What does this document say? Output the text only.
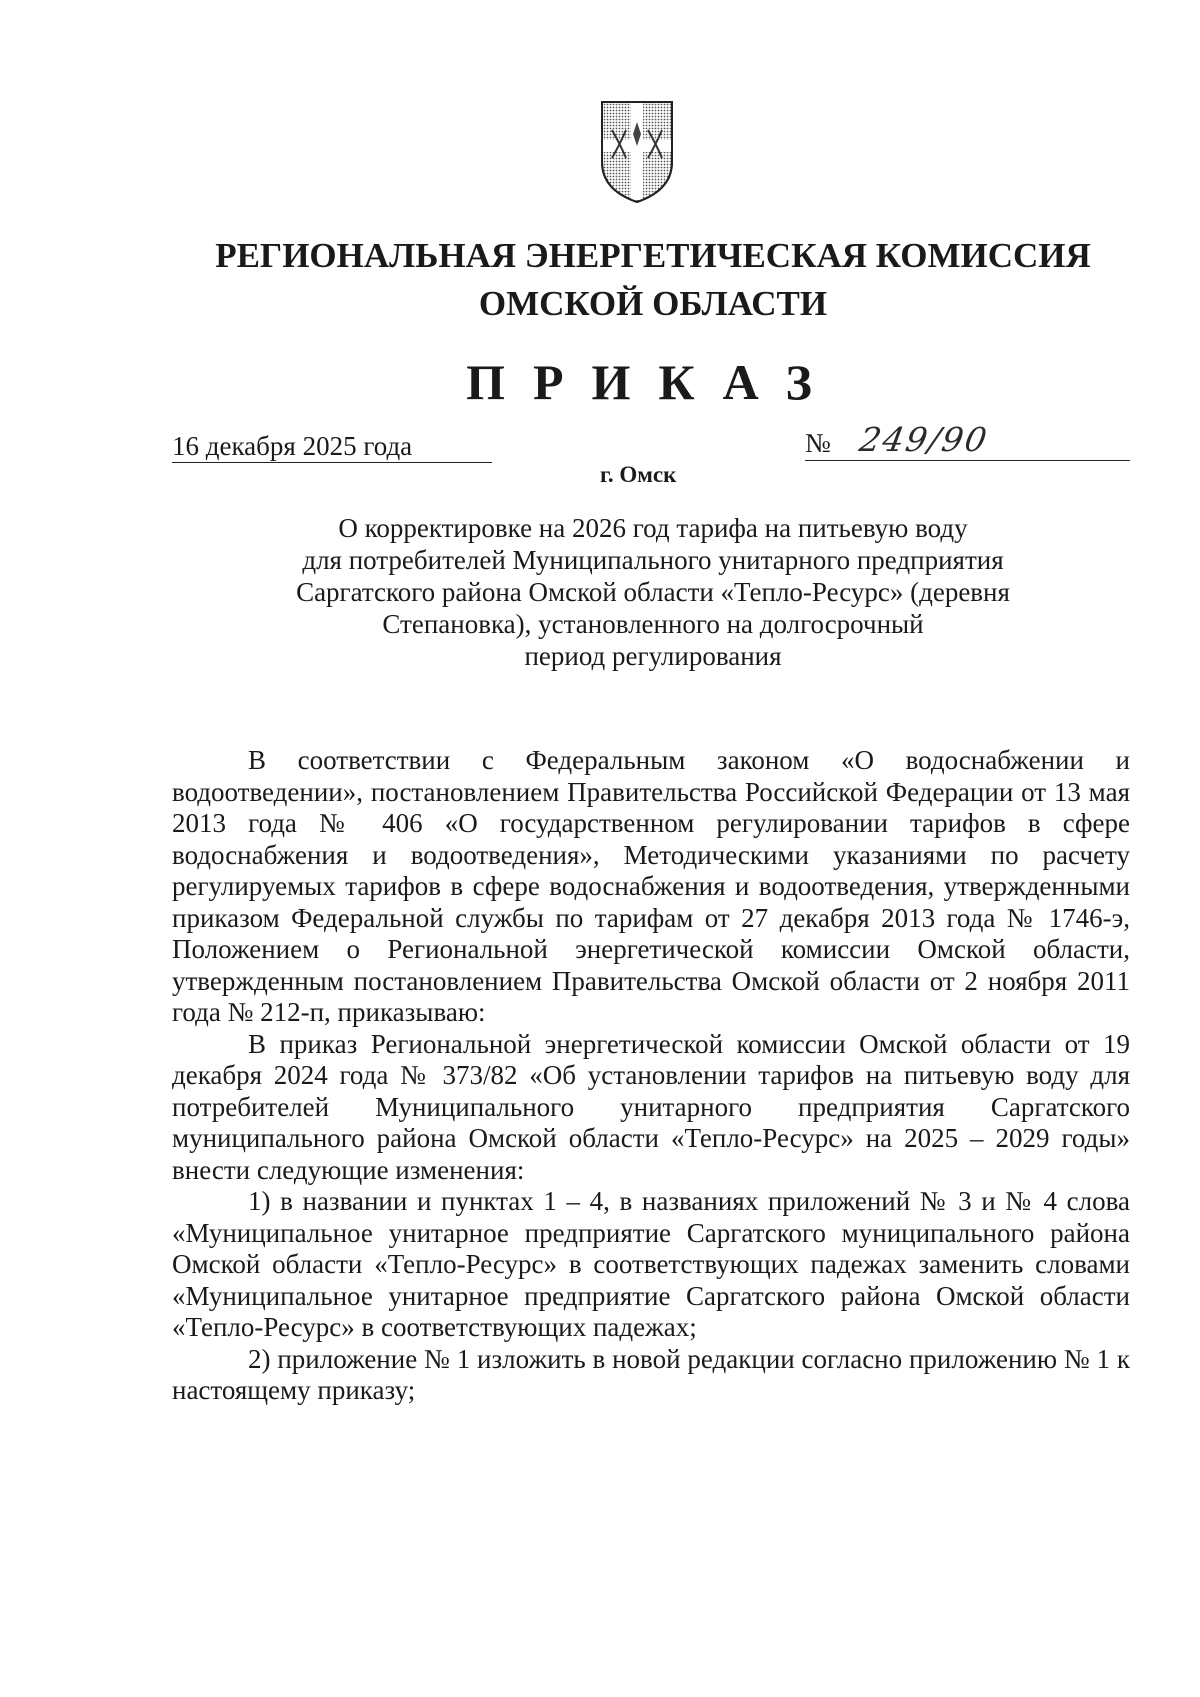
РЕГИОНАЛЬНАЯ ЭНЕРГЕТИЧЕСКАЯ КОМИССИЯ
ОМСКОЙ ОБЛАСТИ
ПРИКАЗ
16 декабря 2025 года	№ 249/90
г. Омск
О корректировке на 2026 год тарифа на питьевую воду
для потребителей Муниципального унитарного предприятия
Саргатского района Омской области «Тепло-Ресурс» (деревня
Степановка), установленного на долгосрочный
период регулирования

В соответствии с Федеральным законом «О водоснабжении и водоотведении», постановлением Правительства Российской Федерации от 13 мая 2013 года № 406 «О государственном регулировании тарифов в сфере водоснабжения и водоотведения», Методическими указаниями по расчету регулируемых тарифов в сфере водоснабжения и водоотведения, утвержденными приказом Федеральной службы по тарифам от 27 декабря 2013 года № 1746-э, Положением о Региональной энергетической комиссии Омской области, утвержденным постановлением Правительства Омской области от 2 ноября 2011 года № 212-п, приказываю:

В приказ Региональной энергетической комиссии Омской области от 19 декабря 2024 года № 373/82 «Об установлении тарифов на питьевую воду для потребителей Муниципального унитарного предприятия Саргатского муниципального района Омской области «Тепло-Ресурс» на 2025 – 2029 годы» внести следующие изменения:

1) в названии и пунктах 1 – 4, в названиях приложений № 3 и № 4 слова «Муниципальное унитарное предприятие Саргатского муниципального района Омской области «Тепло-Ресурс» в соответствующих падежах заменить словами «Муниципальное унитарное предприятие Саргатского района Омской области «Тепло-Ресурс» в соответствующих падежах;

2) приложение № 1 изложить в новой редакции согласно приложению № 1 к настоящему приказу;
